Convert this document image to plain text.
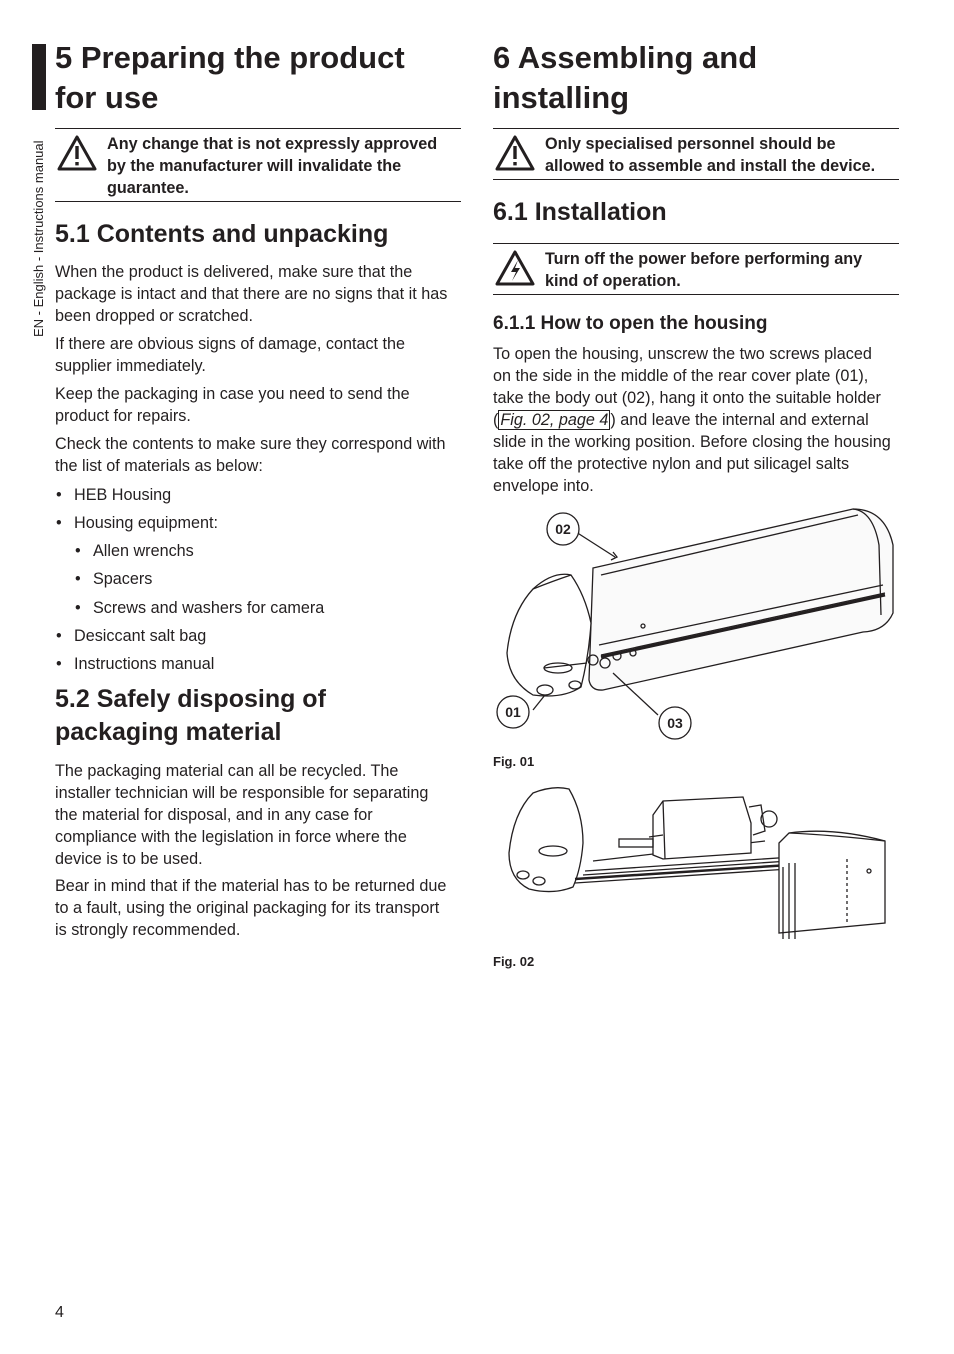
EN - English - Instructions manual
5 Preparing the product
for use
Any change that is not expressly approved by the manufacturer will invalidate the guarantee.
5.1 Contents and unpacking

When the product is delivered, make sure that the package is intact and that there are no signs that it has been dropped or scratched.

If there are obvious signs of damage, contact the supplier immediately.

Keep the packaging in case you need to send the product for repairs.

Check the contents to make sure they correspond with the list of materials as below:

• HEB Housing
• Housing equipment:
• Allen wrenchs
• Spacers
• Screws and washers for camera
• Desiccant salt bag
• Instructions manual
5.2 Safely disposing of
packaging material

The packaging material can all be recycled. The installer technician will be responsible for separating the material for disposal, and in any case for compliance with the legislation in force where the device is to be used.

Bear in mind that if the material has to be returned due to a fault, using the original packaging for its transport is strongly recommended.

6 Assembling and
installing
Only specialised personnel should be allowed to assemble and install the device.
6.1 Installation
Turn off the power before performing any kind of operation.
6.1.1 How to open the housing

To open the housing, unscrew the two screws placed on the side in the middle of the rear cover plate (01), take the body out (02), hang it onto the suitable holder ( Fig. 02, page 4 ) and leave the internal and external slide in the working position. Before closing the housing take off the protective nylon and put silicagel salts envelope into.

02
01
03
Fig. 01
Fig. 02
4
